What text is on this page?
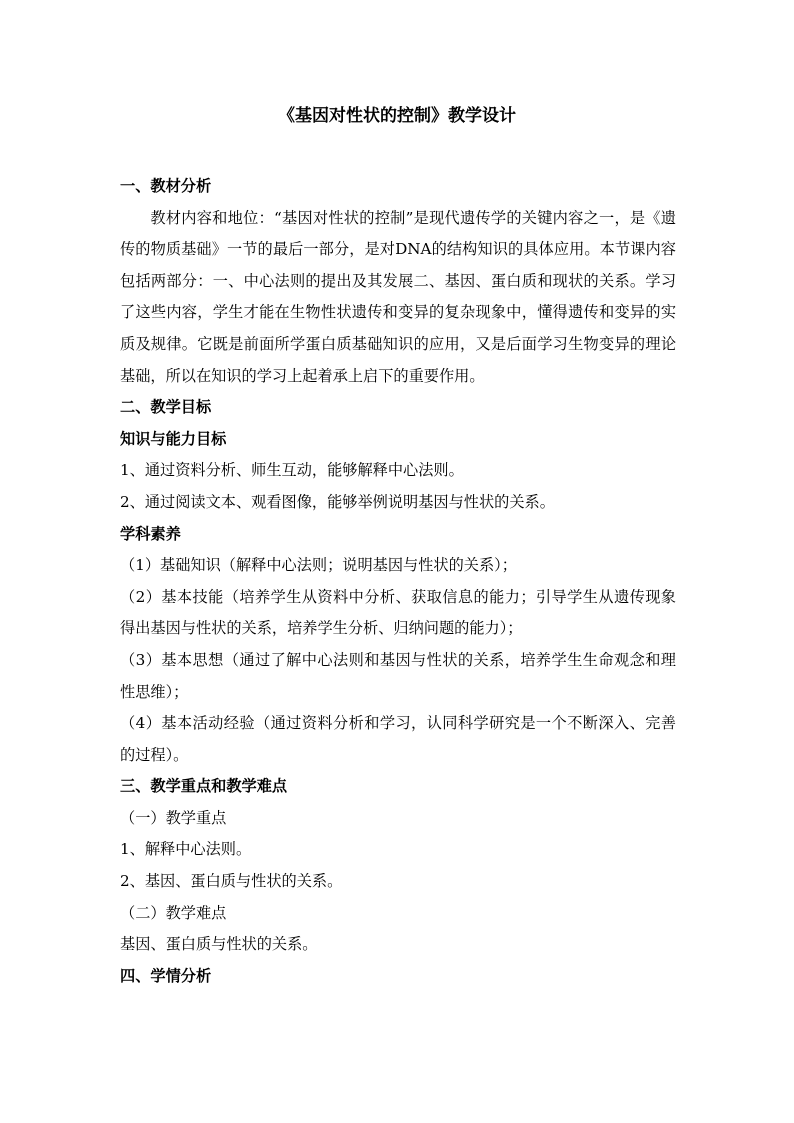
《基因对性状的控制》教学设计

一、教材分析

教材内容和地位：“基因对性状的控制”是现代遗传学的关键内容之一，是《遗传的物质基础》一节的最后一部分，是对DNA的结构知识的具体应用。本节课内容包括两部分：一、中心法则的提出及其发展二、基因、蛋白质和现状的关系。学习了这些内容，学生才能在生物性状遗传和变异的复杂现象中，懂得遗传和变异的实质及规律。它既是前面所学蛋白质基础知识的应用，又是后面学习生物变异的理论基础，所以在知识的学习上起着承上启下的重要作用。

二、教学目标

知识与能力目标

1、通过资料分析、师生互动，能够解释中心法则。

2、通过阅读文本、观看图像，能够举例说明基因与性状的关系。

学科素养

（1）基础知识（解释中心法则；说明基因与性状的关系）；

（2）基本技能（培养学生从资料中分析、获取信息的能力；引导学生从遗传现象得出基因与性状的关系，培养学生分析、归纳问题的能力）；

（3）基本思想（通过了解中心法则和基因与性状的关系，培养学生生命观念和理性思维）；

（4）基本活动经验（通过资料分析和学习，认同科学研究是一个不断深入、完善的过程）。

三、教学重点和教学难点

（一）教学重点

1、解释中心法则。

2、基因、蛋白质与性状的关系。

（二）教学难点

基因、蛋白质与性状的关系。

四、学情分析
